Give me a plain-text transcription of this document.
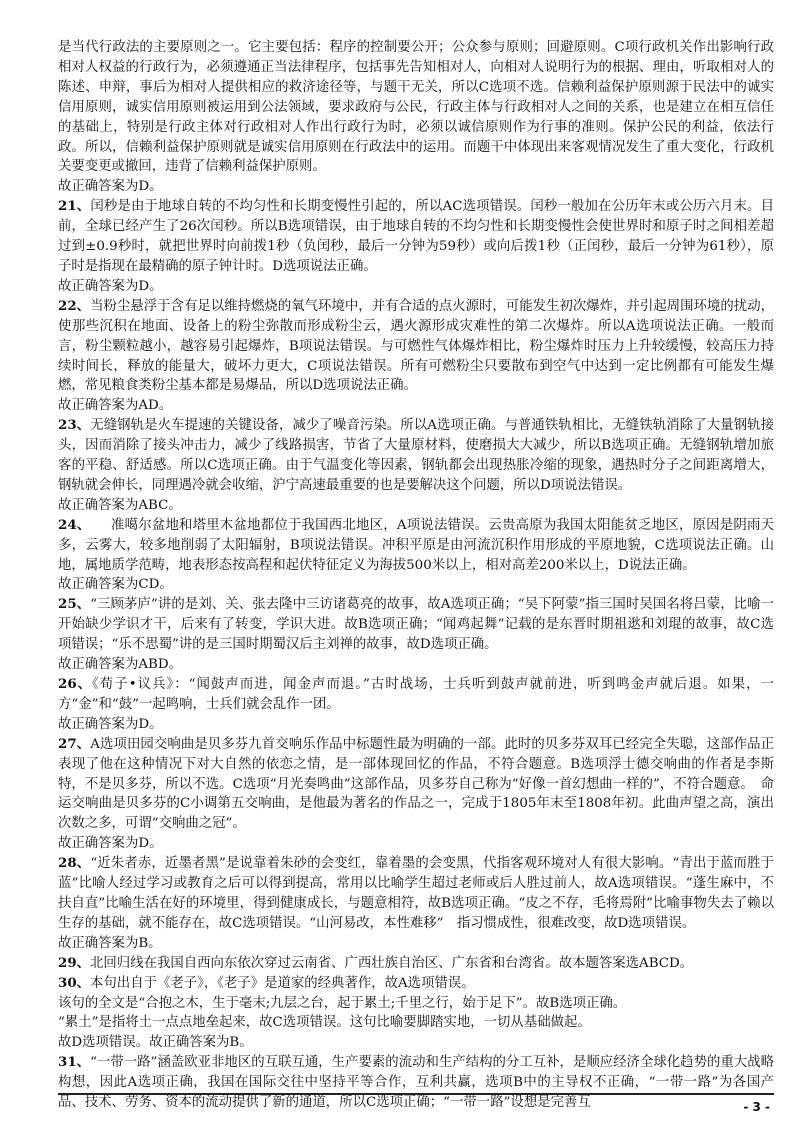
是当代行政法的主要原则之一。它主要包括：程序的控制要公开；公众参与原则；回避原则。C项行政机关作出影响行政相对人权益的行政行为，必须遵通正当法律程序，包括事先告知相对人，向相对人说明行为的根据、理由，听取相对人的陈述、申辩，事后为相对人提供相应的救济途径等，与题干无关，所以C选项不选。信赖利益保护原则源于民法中的诚实信用原则，诚实信用原则被运用到公法领域，要求政府与公民，行政主体与行政相对人之间的关系，也是建立在相互信任的基础上，特别是行政主体对行政相对人作出行政行为时，必须以诚信原则作为行事的准则。保护公民的利益，依法行政。所以，信赖利益保护原则就是诚实信用原则在行政法中的运用。而题干中体现出来客观情况发生了重大变化，行政机关要变更或撤回，违背了信赖利益保护原则。

故正确答案为D。

21、闰秒是由于地球自转的不均匀性和长期变慢性引起的，所以AC选项错误。闰秒一般加在公历年末或公历六月末。目前，全球已经产生了26次闰秒。所以B选项错误，由于地球自转的不均匀性和长期变慢性会使世界时和原子时之间相差超过到±0.9秒时，就把世界时向前拨1秒（负闰秒，最后一分钟为59秒）或向后拨1秒（正闰秒，最后一分钟为61秒），原子时是指现在最精确的原子钟计时。D选项说法正确。

故正确答案为D。

22、当粉尘悬浮于含有足以维持燃烧的氧气环境中，并有合适的点火源时，可能发生初次爆炸，并引起周围环境的扰动，使那些沉积在地面、设备上的粉尘弥散而形成粉尘云，遇火源形成灾难性的第二次爆炸。所以A选项说法正确。一般而言，粉尘颗粒越小，越容易引起爆炸，B项说法错误。与可燃性气体爆炸相比，粉尘爆炸时压力上升较缓慢，较高压力持续时间长，释放的能量大，破坏力更大，C项说法错误。所有可燃粉尘只要散布到空气中达到一定比例都有可能发生爆燃，常见粮食类粉尘基本都是易爆品，所以D选项说法正确。

故正确答案为AD。

23、无缝钢轨是火车提速的关键设备，减少了噪音污染。所以A选项正确。与普通铁轨相比，无缝铁轨消除了大量钢轨接头，因而消除了接头冲击力，减少了线路损害，节省了大量原材料，使磨损大大减少，所以B选项正确。无缝钢轨增加旅客的平稳、舒适感。所以C选项正确。由于气温变化等因素，钢轨都会出现热胀冷缩的现象，遇热时分子之间距离增大，钢轨就会伸长，同理遇冷就会收缩，沪宁高速最重要的也是要解决这个问题，所以D项说法错误。

故正确答案为ABC。

24、　　准噶尔盆地和塔里木盆地都位于我国西北地区，A项说法错误。云贵高原为我国太阳能贫乏地区，原因是阴雨天多，云雾大，较多地削弱了太阳辐射，B项说法错误。冲积平原是由河流沉积作用形成的平原地貌，C选项说法正确。山地，属地质学范畴，地表形态按高程和起伏特征定义为海拔500米以上，相对高差200米以上，D说法正确。

故正确答案为CD。

25、“三顾茅庐”讲的是刘、关、张去隆中三访诸葛亮的故事，故A选项正确；“吴下阿蒙”指三国时吴国名将吕蒙，比喻一开始缺少学识才干，后来有了转变，学识大进。故B选项正确；“闻鸡起舞”记载的是东晋时期祖逖和刘琨的故事，故C选项错误；“乐不思蜀”讲的是三国时期蜀汉后主刘禅的故事，故D选项正确。

故正确答案为ABD。

26、《荀子•议兵》：“闻鼓声而进，闻金声而退。”古时战场，士兵听到鼓声就前进，听到鸣金声就后退。如果，一方“金”和“鼓”一起鸣响，士兵们就会乱作一团。

故正确答案为D。

27、A选项田园交响曲是贝多芬九首交响乐作品中标题性最为明确的一部。此时的贝多芬双耳已经完全失聪，这部作品正表现了他在这种情况下对大自然的依恋之情，是一部体现回忆的作品，不符合题意。B选项浮士德交响曲的作者是李斯特，不是贝多芬，所以不选。C选项“月光奏鸣曲”这部作品，贝多芬自己称为“好像一首幻想曲一样的”，不符合题意。　命运交响曲是贝多芬的C小调第五交响曲，是他最为著名的作品之一，完成于1805年末至1808年初。此曲声望之高，演出次数之多，可谓“交响曲之冠”。

故正确答案为D。

28、“近朱者赤，近墨者黑”是说靠着朱砂的会变红，靠着墨的会变黑，代指客观环境对人有很大影响。“青出于蓝而胜于蓝”比喻人经过学习或教育之后可以得到提高，常用以比喻学生超过老师或后人胜过前人，故A选项错误。“蓬生麻中，不扶自直”比喻生活在好的环境里，得到健康成长，与题意相符，故B选项正确。“皮之不存，毛将焉附”比喻事物失去了赖以生存的基础，就不能存在，故C选项错误。“山河易改，本性难移”　指习惯成性，很难改变，故D选项错误。

故正确答案为B。

29、北回归线在我国自西向东依次穿过云南省、广西壮族自治区、广东省和台湾省。故本题答案选ABCD。

30、本句出自于《老子》，《老子》是道家的经典著作，故A选项错误。

该句的全文是“合抱之木，生于毫末;九层之台，起于累土;千里之行，始于足下”。故B选项正确。

“累土”是指将土一点点地垒起来，故C选项错误。这句比喻要脚踏实地，一切从基础做起。

故D选项错误。故正确答案为B。

31、“一带一路”涵盖欧亚非地区的互联互通，生产要素的流动和生产结构的分工互补，是顺应经济全球化趋势的重大战略构想，因此A选项正确，我国在国际交往中坚持平等合作，互利共赢，选项B中的主导权不正确，“一带一路”为各国产品、技术、劳务、资本的流动提供了新的通道，所以C选项正确；“一带一路”设想是完善互	- 3 -
